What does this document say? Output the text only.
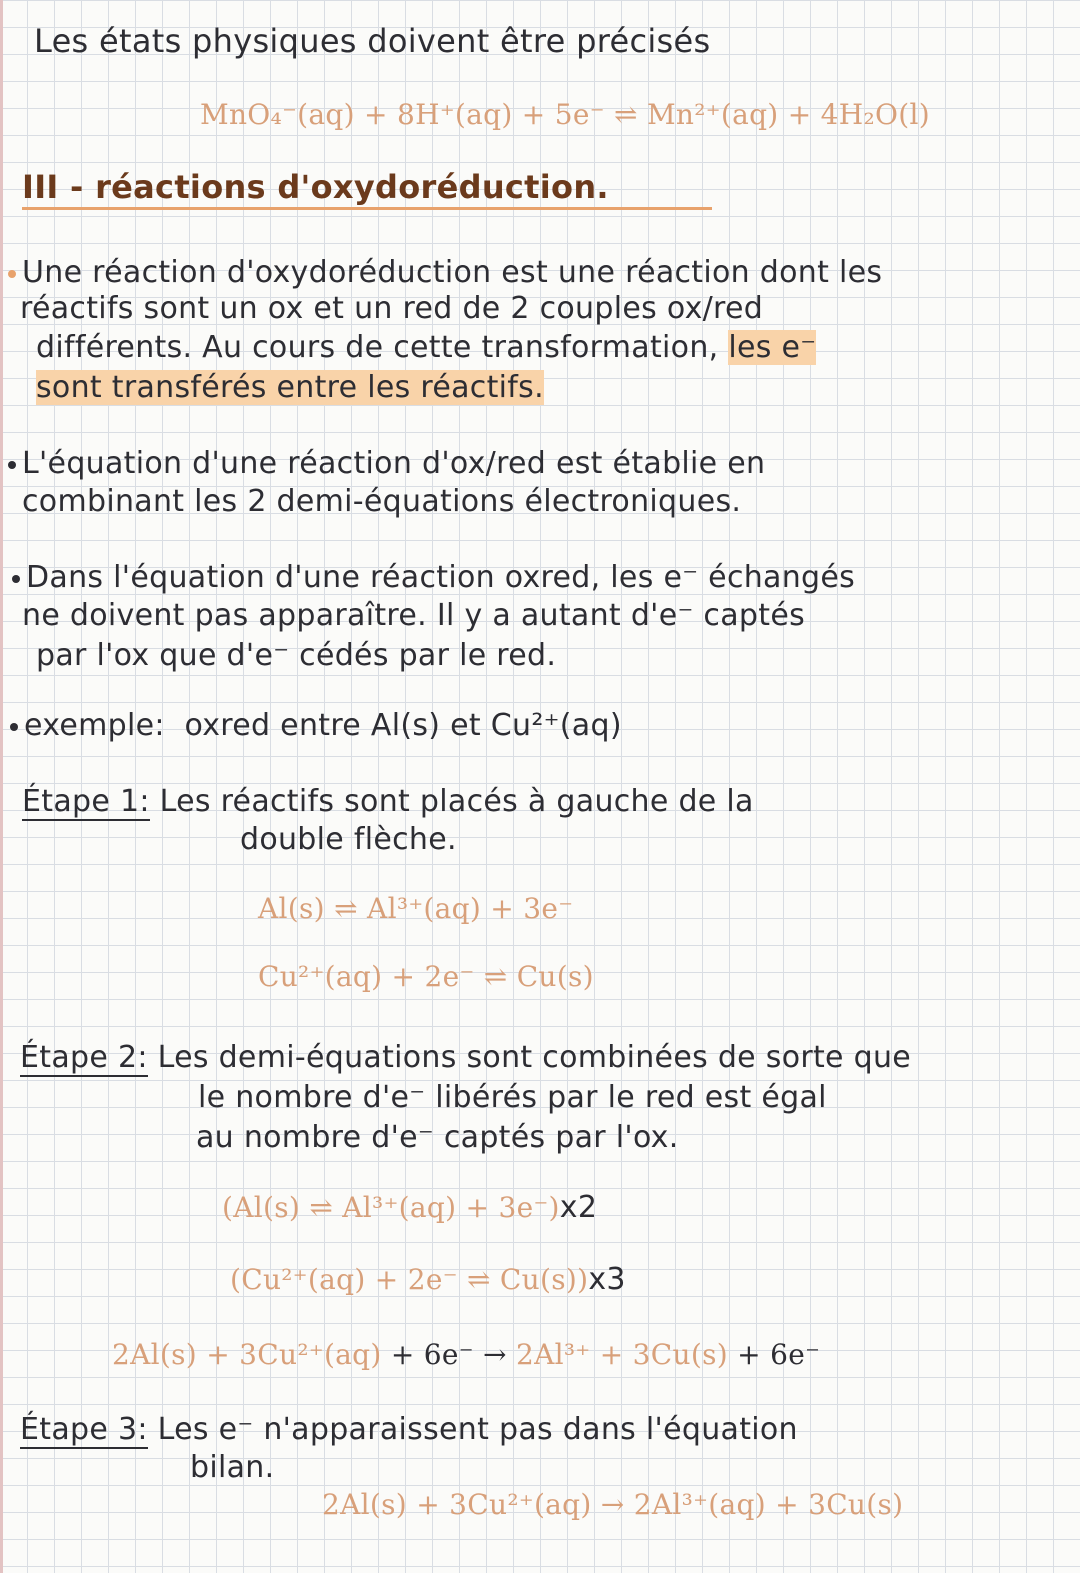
Les états physiques doivent être précisés
MnO₄⁻(aq) + 8H⁺(aq) + 5e⁻ ⇌ Mn²⁺(aq) + 4H₂O(l)
III - réactions d'oxydoréduction.
Une réaction d'oxydoréduction est une réaction dont les
réactifs sont un ox et un red de 2 couples ox/red
différents. Au cours de cette transformation, les e⁻
sont transférés entre les réactifs.
L'équation d'une réaction d'ox/red est établie en
combinant les 2 demi-équations électroniques.
Dans l'équation d'une réaction oxred, les e⁻ échangés
ne doivent pas apparaître. Il y a autant d'e⁻ captés
par l'ox que d'e⁻ cédés par le red.
exemple: oxred entre Al(s) et Cu²⁺(aq)
Étape 1: Les réactifs sont placés à gauche de la
double flèche.
Al(s) ⇌ Al³⁺(aq) + 3e⁻
Cu²⁺(aq) + 2e⁻ ⇌ Cu(s)
Étape 2: Les demi-équations sont combinées de sorte que
le nombre d'e⁻ libérés par le red est égal
au nombre d'e⁻ captés par l'ox.
(Al(s) ⇌ Al³⁺(aq) + 3e⁻)x2
(Cu²⁺(aq) + 2e⁻ ⇌ Cu(s))x3
2Al(s) + 3Cu²⁺(aq) + 6e⁻ → 2Al³⁺ + 3Cu(s) + 6e⁻
Étape 3: Les e⁻ n'apparaissent pas dans l'équation
bilan.
2Al(s) + 3Cu²⁺(aq) → 2Al³⁺(aq) + 3Cu(s)
